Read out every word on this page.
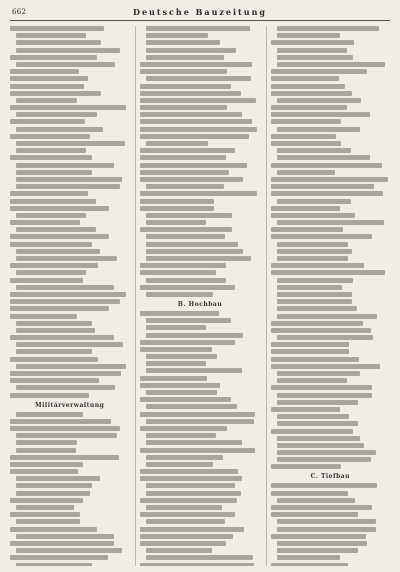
662	Deutsche Bauzeitung
Militärverwaltung
B. Hochbau
C. Tiefbau
